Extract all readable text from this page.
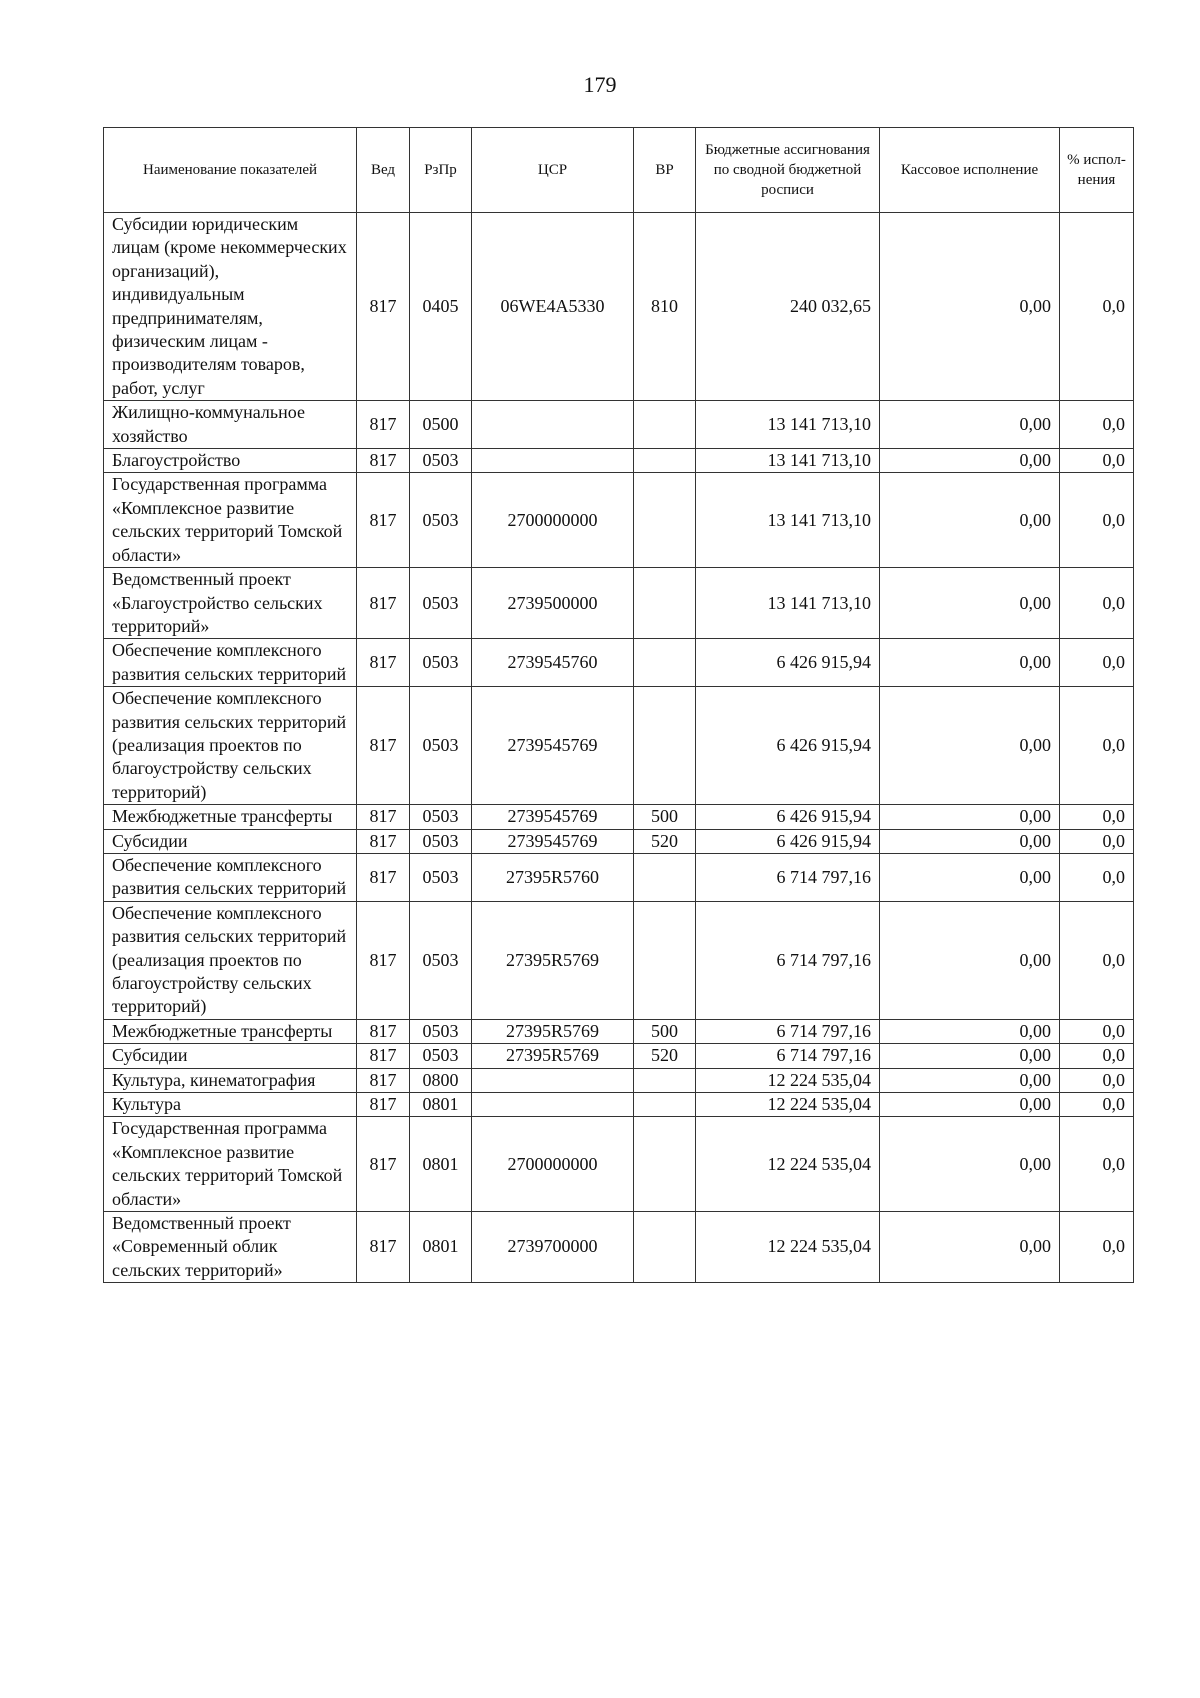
179
Наименование показателей	Вед	РзПр	ЦСР	ВР	Бюджетные ассигнования по сводной бюджетной росписи	Кассовое исполнение	% испол-нения
Субсидии юридическим лицам (кроме некоммерческих организаций), индивидуальным предпринимателям, физическим лицам - производителям товаров, работ, услуг	817	0405	06WE4A5330	810	240 032,65	0,00	0,0
Жилищно-коммунальное хозяйство	817	0500			13 141 713,10	0,00	0,0
Благоустройство	817	0503			13 141 713,10	0,00	0,0
Государственная программа «Комплексное развитие сельских территорий Томской области»	817	0503	2700000000		13 141 713,10	0,00	0,0
Ведомственный проект «Благоустройство сельских территорий»	817	0503	2739500000		13 141 713,10	0,00	0,0
Обеспечение комплексного развития сельских территорий	817	0503	2739545760		6 426 915,94	0,00	0,0
Обеспечение комплексного развития сельских территорий (реализация проектов по благоустройству сельских территорий)	817	0503	2739545769		6 426 915,94	0,00	0,0
Межбюджетные трансферты	817	0503	2739545769	500	6 426 915,94	0,00	0,0
Субсидии	817	0503	2739545769	520	6 426 915,94	0,00	0,0
Обеспечение комплексного развития сельских территорий	817	0503	27395R5760		6 714 797,16	0,00	0,0
Обеспечение комплексного развития сельских территорий (реализация проектов по благоустройству сельских территорий)	817	0503	27395R5769		6 714 797,16	0,00	0,0
Межбюджетные трансферты	817	0503	27395R5769	500	6 714 797,16	0,00	0,0
Субсидии	817	0503	27395R5769	520	6 714 797,16	0,00	0,0
Культура, кинематография	817	0800			12 224 535,04	0,00	0,0
Культура	817	0801			12 224 535,04	0,00	0,0
Государственная программа «Комплексное развитие сельских территорий Томской области»	817	0801	2700000000		12 224 535,04	0,00	0,0
Ведомственный проект «Современный облик сельских территорий»	817	0801	2739700000		12 224 535,04	0,00	0,0
